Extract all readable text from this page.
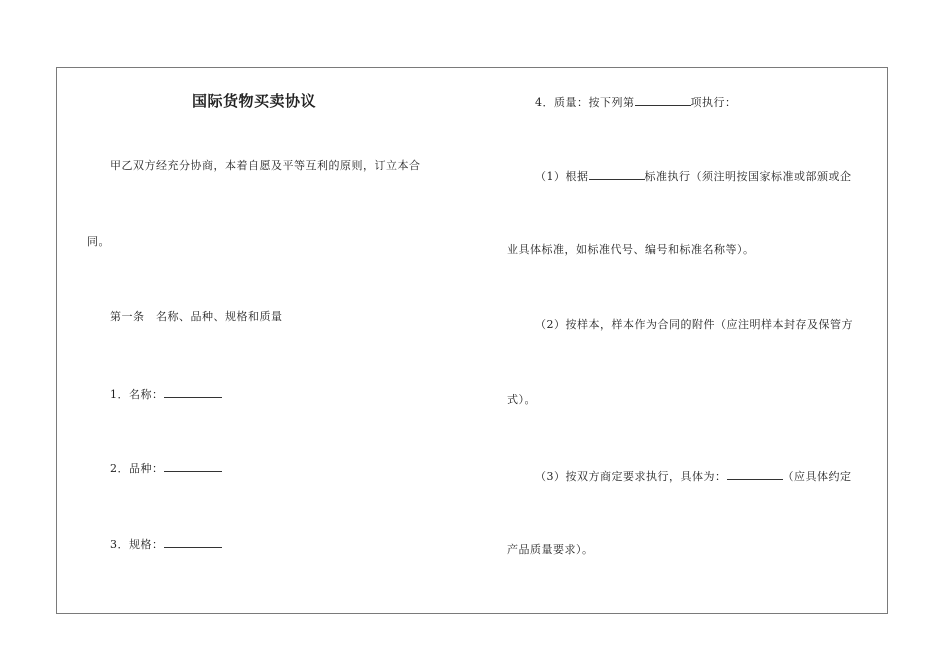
国际货物买卖协议
甲乙双方经充分协商，本着自愿及平等互利的原则，订立本合
同。
第一条　名称、品种、规格和质量
1．名称：
2．品种：
3．规格：
4．质量：按下列第	项执行：
（1）根据	标准执行（须注明按国家标准或部颁或企
业具体标准，如标准代号、编号和标准名称等）。
（2）按样本，样本作为合同的附件（应注明样本封存及保管方
式）。
（3）按双方商定要求执行，具体为：	（应具体约定
产品质量要求）。
